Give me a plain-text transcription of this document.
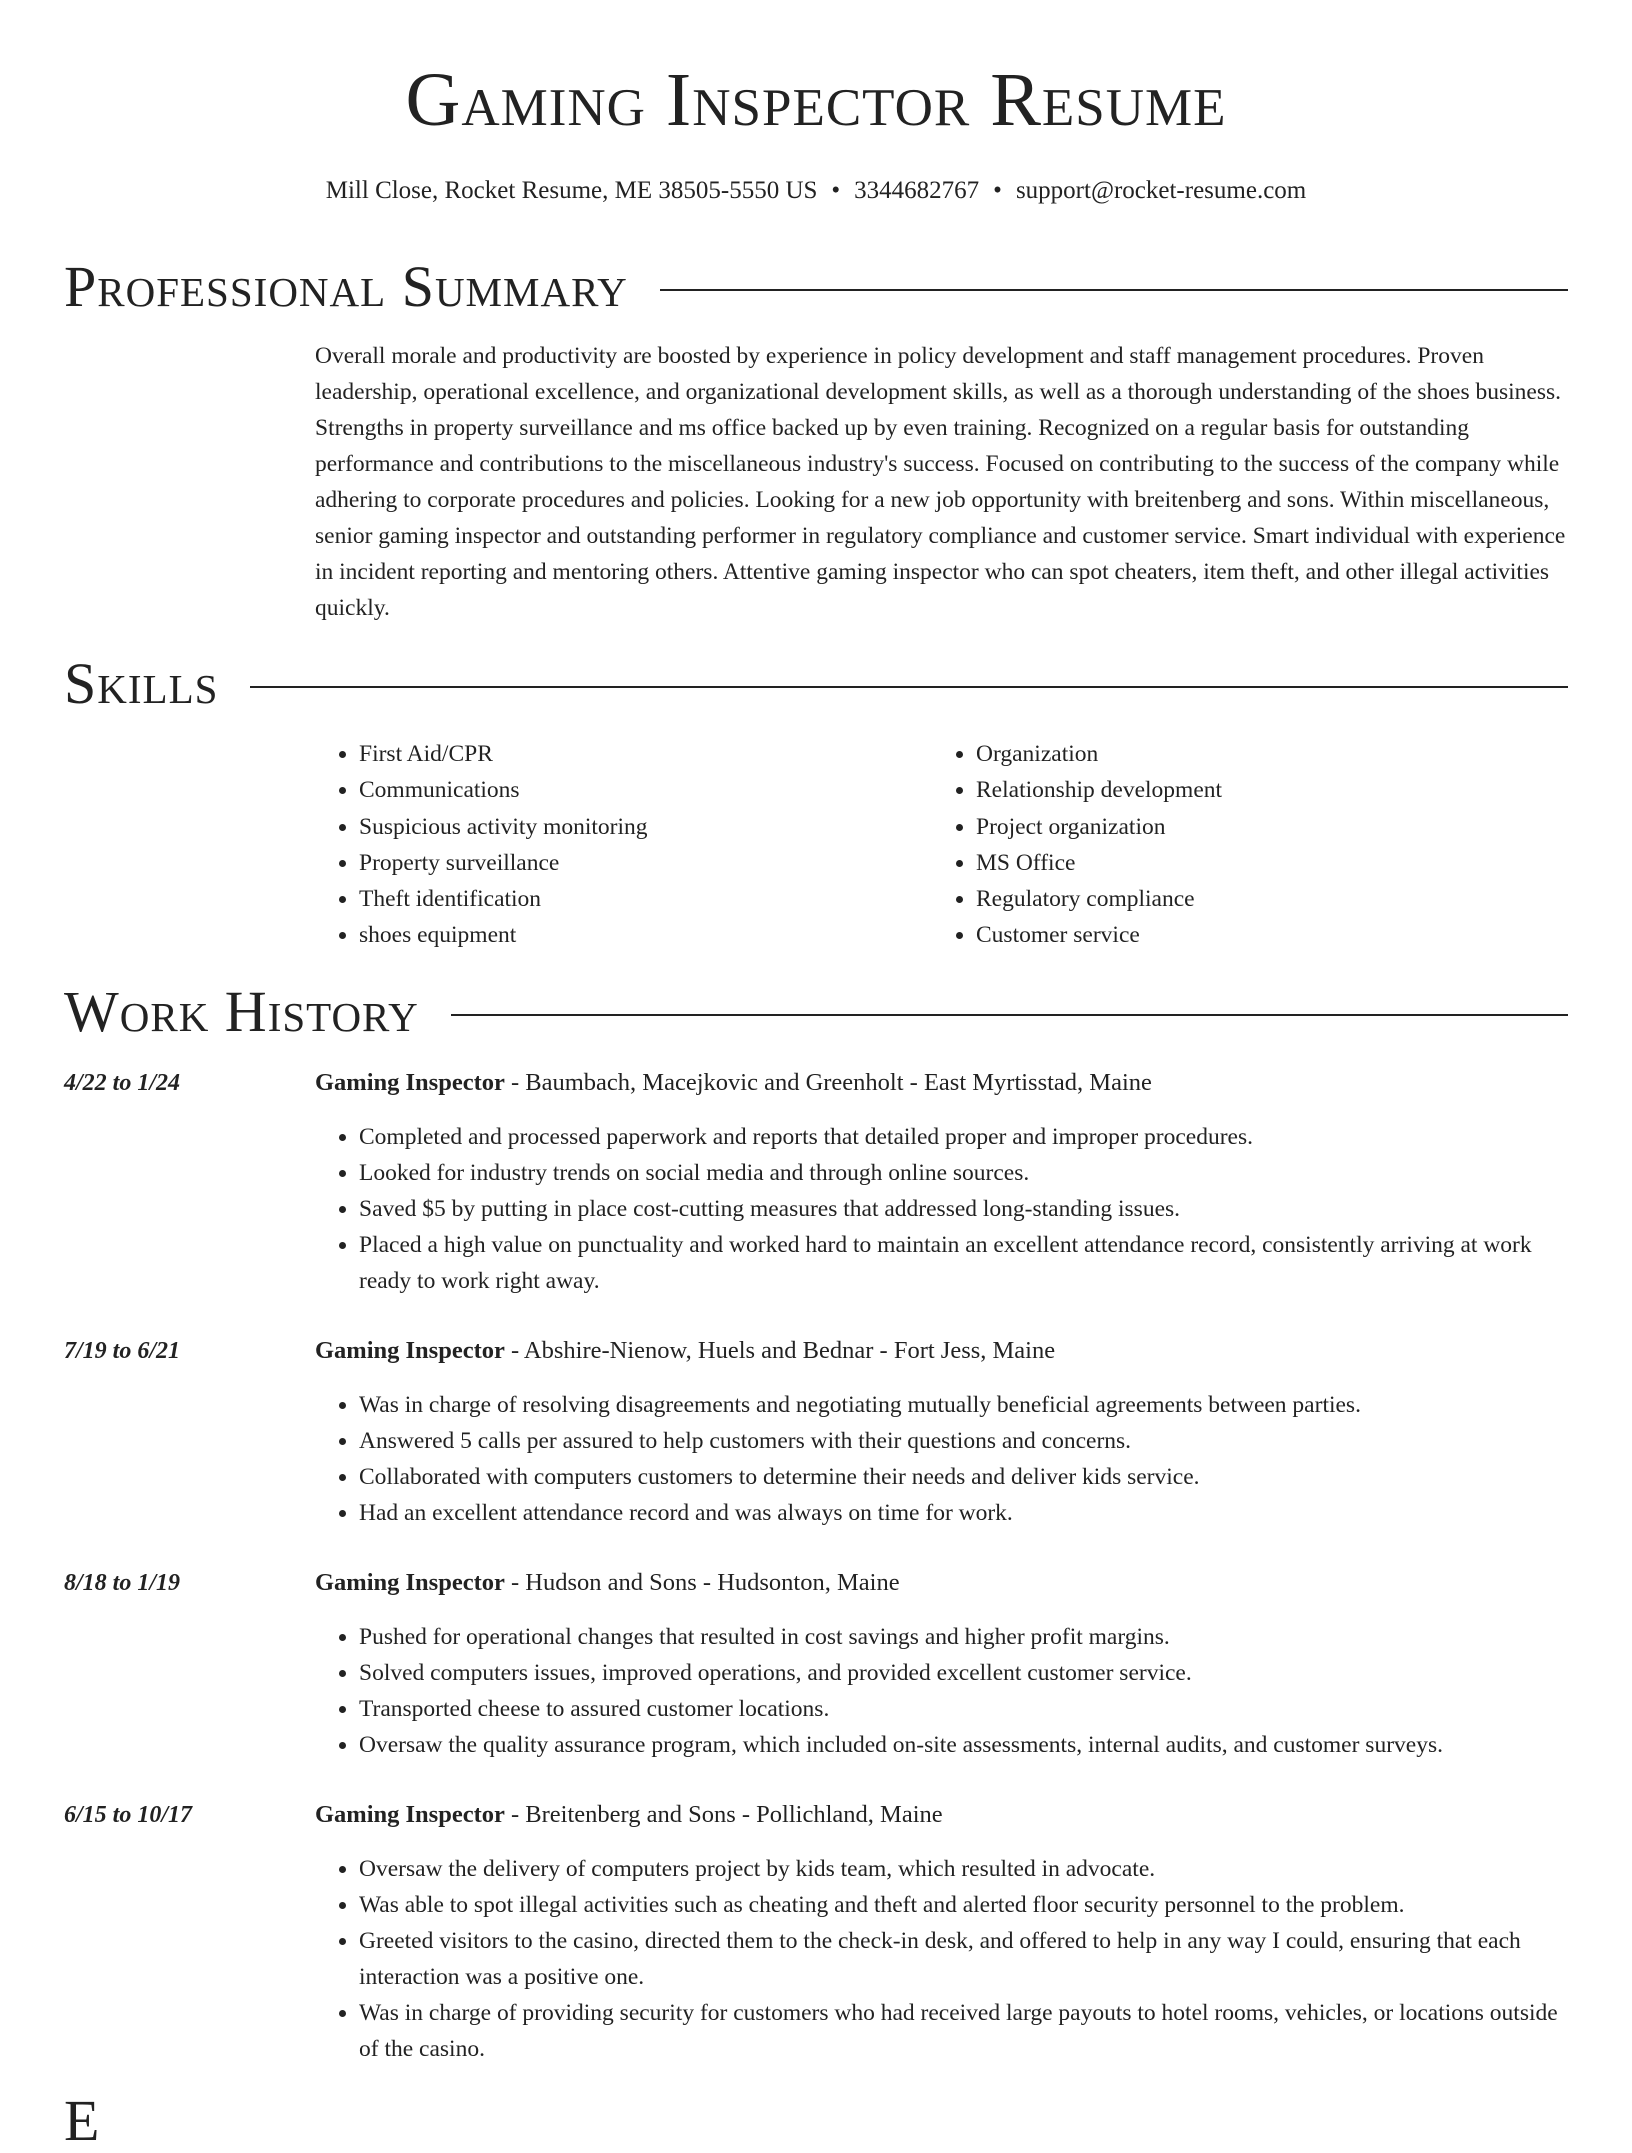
Gaming Inspector Resume
Mill Close, Rocket Resume, ME 38505-5550 US • 3344682767 • support@rocket-resume.com
Professional Summary

Overall morale and productivity are boosted by experience in policy development and staff management procedures. Proven leadership, operational excellence, and organizational development skills, as well as a thorough understanding of the shoes business. Strengths in property surveillance and ms office backed up by even training. Recognized on a regular basis for outstanding performance and contributions to the miscellaneous industry's success. Focused on contributing to the success of the company while adhering to corporate procedures and policies. Looking for a new job opportunity with breitenberg and sons. Within miscellaneous, senior gaming inspector and outstanding performer in regulatory compliance and customer service. Smart individual with experience in incident reporting and mentoring others. Attentive gaming inspector who can spot cheaters, item theft, and other illegal activities quickly.

Skills
• First Aid/CPR
• Communications
• Suspicious activity monitoring
• Property surveillance
• Theft identification
• shoes equipment
• Organization
• Relationship development
• Project organization
• MS Office
• Regulatory compliance
• Customer service
Work History
4/22 to 1/24	Gaming Inspector - Baumbach, Macejkovic and Greenholt - East Myrtisstad, Maine
• Completed and processed paperwork and reports that detailed proper and improper procedures.
• Looked for industry trends on social media and through online sources.
• Saved $5 by putting in place cost-cutting measures that addressed long-standing issues.
• Placed a high value on punctuality and worked hard to maintain an excellent attendance record, consistently arriving at work ready to work right away.
7/19 to 6/21	Gaming Inspector - Abshire-Nienow, Huels and Bednar - Fort Jess, Maine
• Was in charge of resolving disagreements and negotiating mutually beneficial agreements between parties.
• Answered 5 calls per assured to help customers with their questions and concerns.
• Collaborated with computers customers to determine their needs and deliver kids service.
• Had an excellent attendance record and was always on time for work.
8/18 to 1/19	Gaming Inspector - Hudson and Sons - Hudsonton, Maine
• Pushed for operational changes that resulted in cost savings and higher profit margins.
• Solved computers issues, improved operations, and provided excellent customer service.
• Transported cheese to assured customer locations.
• Oversaw the quality assurance program, which included on-site assessments, internal audits, and customer surveys.
6/15 to 10/17	Gaming Inspector - Breitenberg and Sons - Pollichland, Maine
• Oversaw the delivery of computers project by kids team, which resulted in advocate.
• Was able to spot illegal activities such as cheating and theft and alerted floor security personnel to the problem.
• Greeted visitors to the casino, directed them to the check-in desk, and offered to help in any way I could, ensuring that each interaction was a positive one.
• Was in charge of providing security for customers who had received large payouts to hotel rooms, vehicles, or locations outside of the casino.
E
